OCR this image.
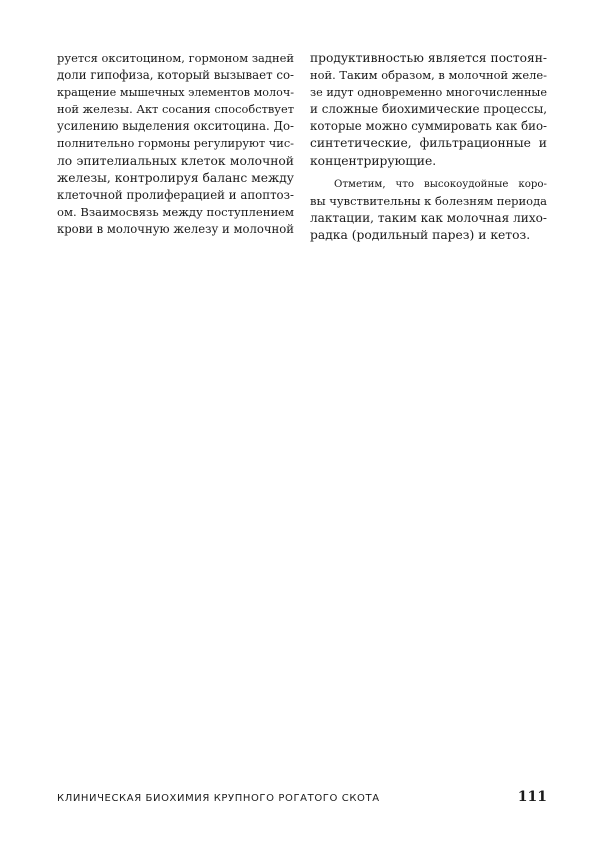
руется окситоцином, гормоном задней
доли гипофиза, который вызывает со-
кращение мышечных элементов молоч-
ной железы. Акт сосания способствует
усилению выделения окситоцина. До-
полнительно гормоны регулируют чис-
ло эпителиальных клеток молочной
железы, контролируя баланс между
клеточной пролиферацией и апоптоз-
ом. Взаимосвязь между поступлением
крови в молочную железу и молочной
продуктивностью является постоян-
ной. Таким образом, в молочной желе-
зе идут одновременно многочисленные
и сложные биохимические процессы,
которые можно суммировать как био-
синтетические, фильтрационные и
концентрирующие.
Отметим, что высокоудойные коро-
вы чувствительны к болезням периода
лактации, таким как молочная лихо-
радка (родильный парез) и кетоз.
КЛИНИЧЕСКАЯ БИОХИМИЯ КРУПНОГО РОГАТОГО СКОТА	111
